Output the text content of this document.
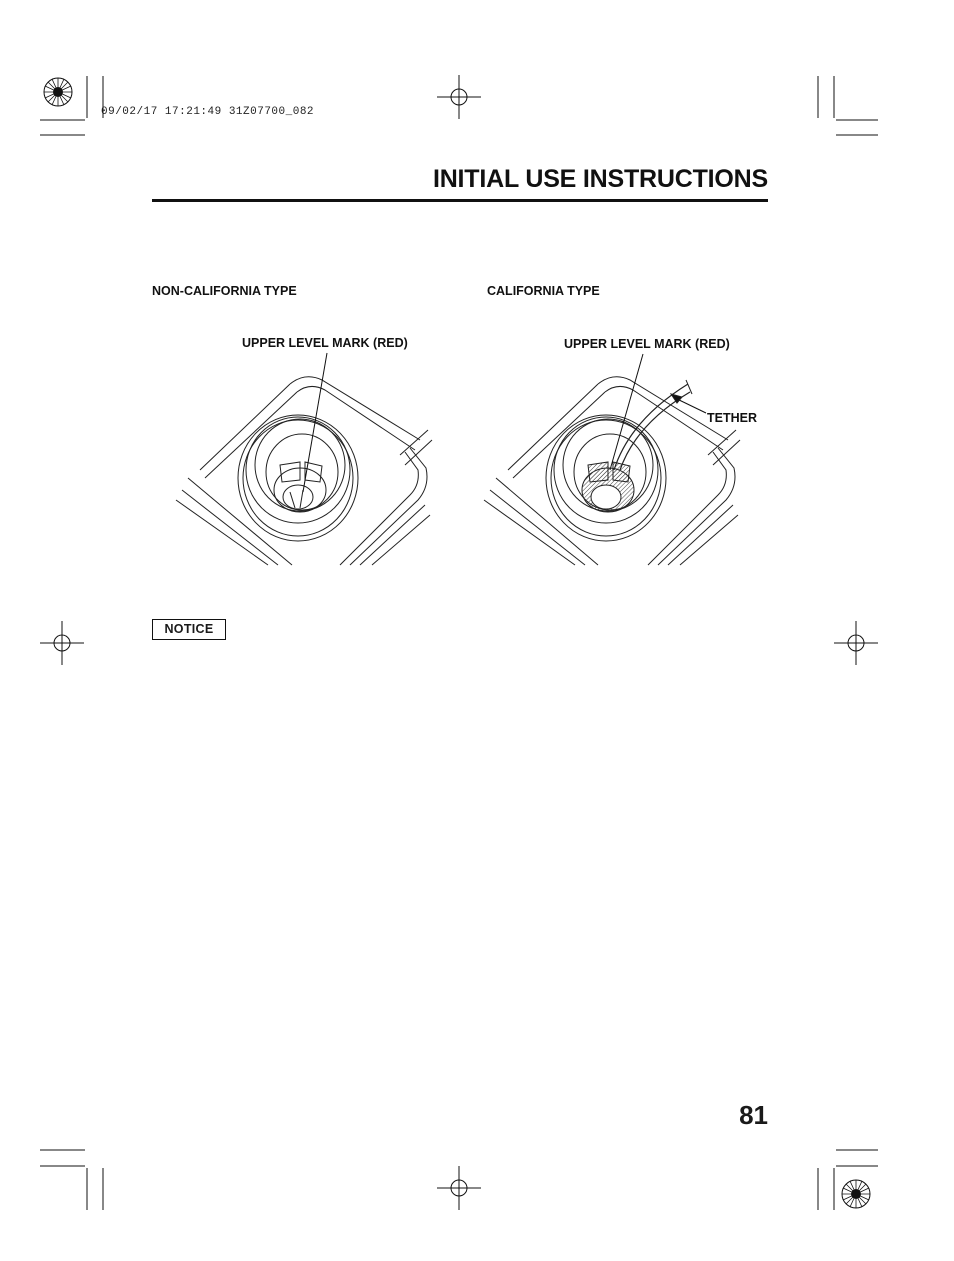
09/02/17 17:21:49 31Z07700_082
INITIAL USE INSTRUCTIONS
NON-CALIFORNIA TYPE	CALIFORNIA TYPE
UPPER LEVEL MARK (RED)	UPPER LEVEL MARK (RED)
TETHER
NOTICE
81
